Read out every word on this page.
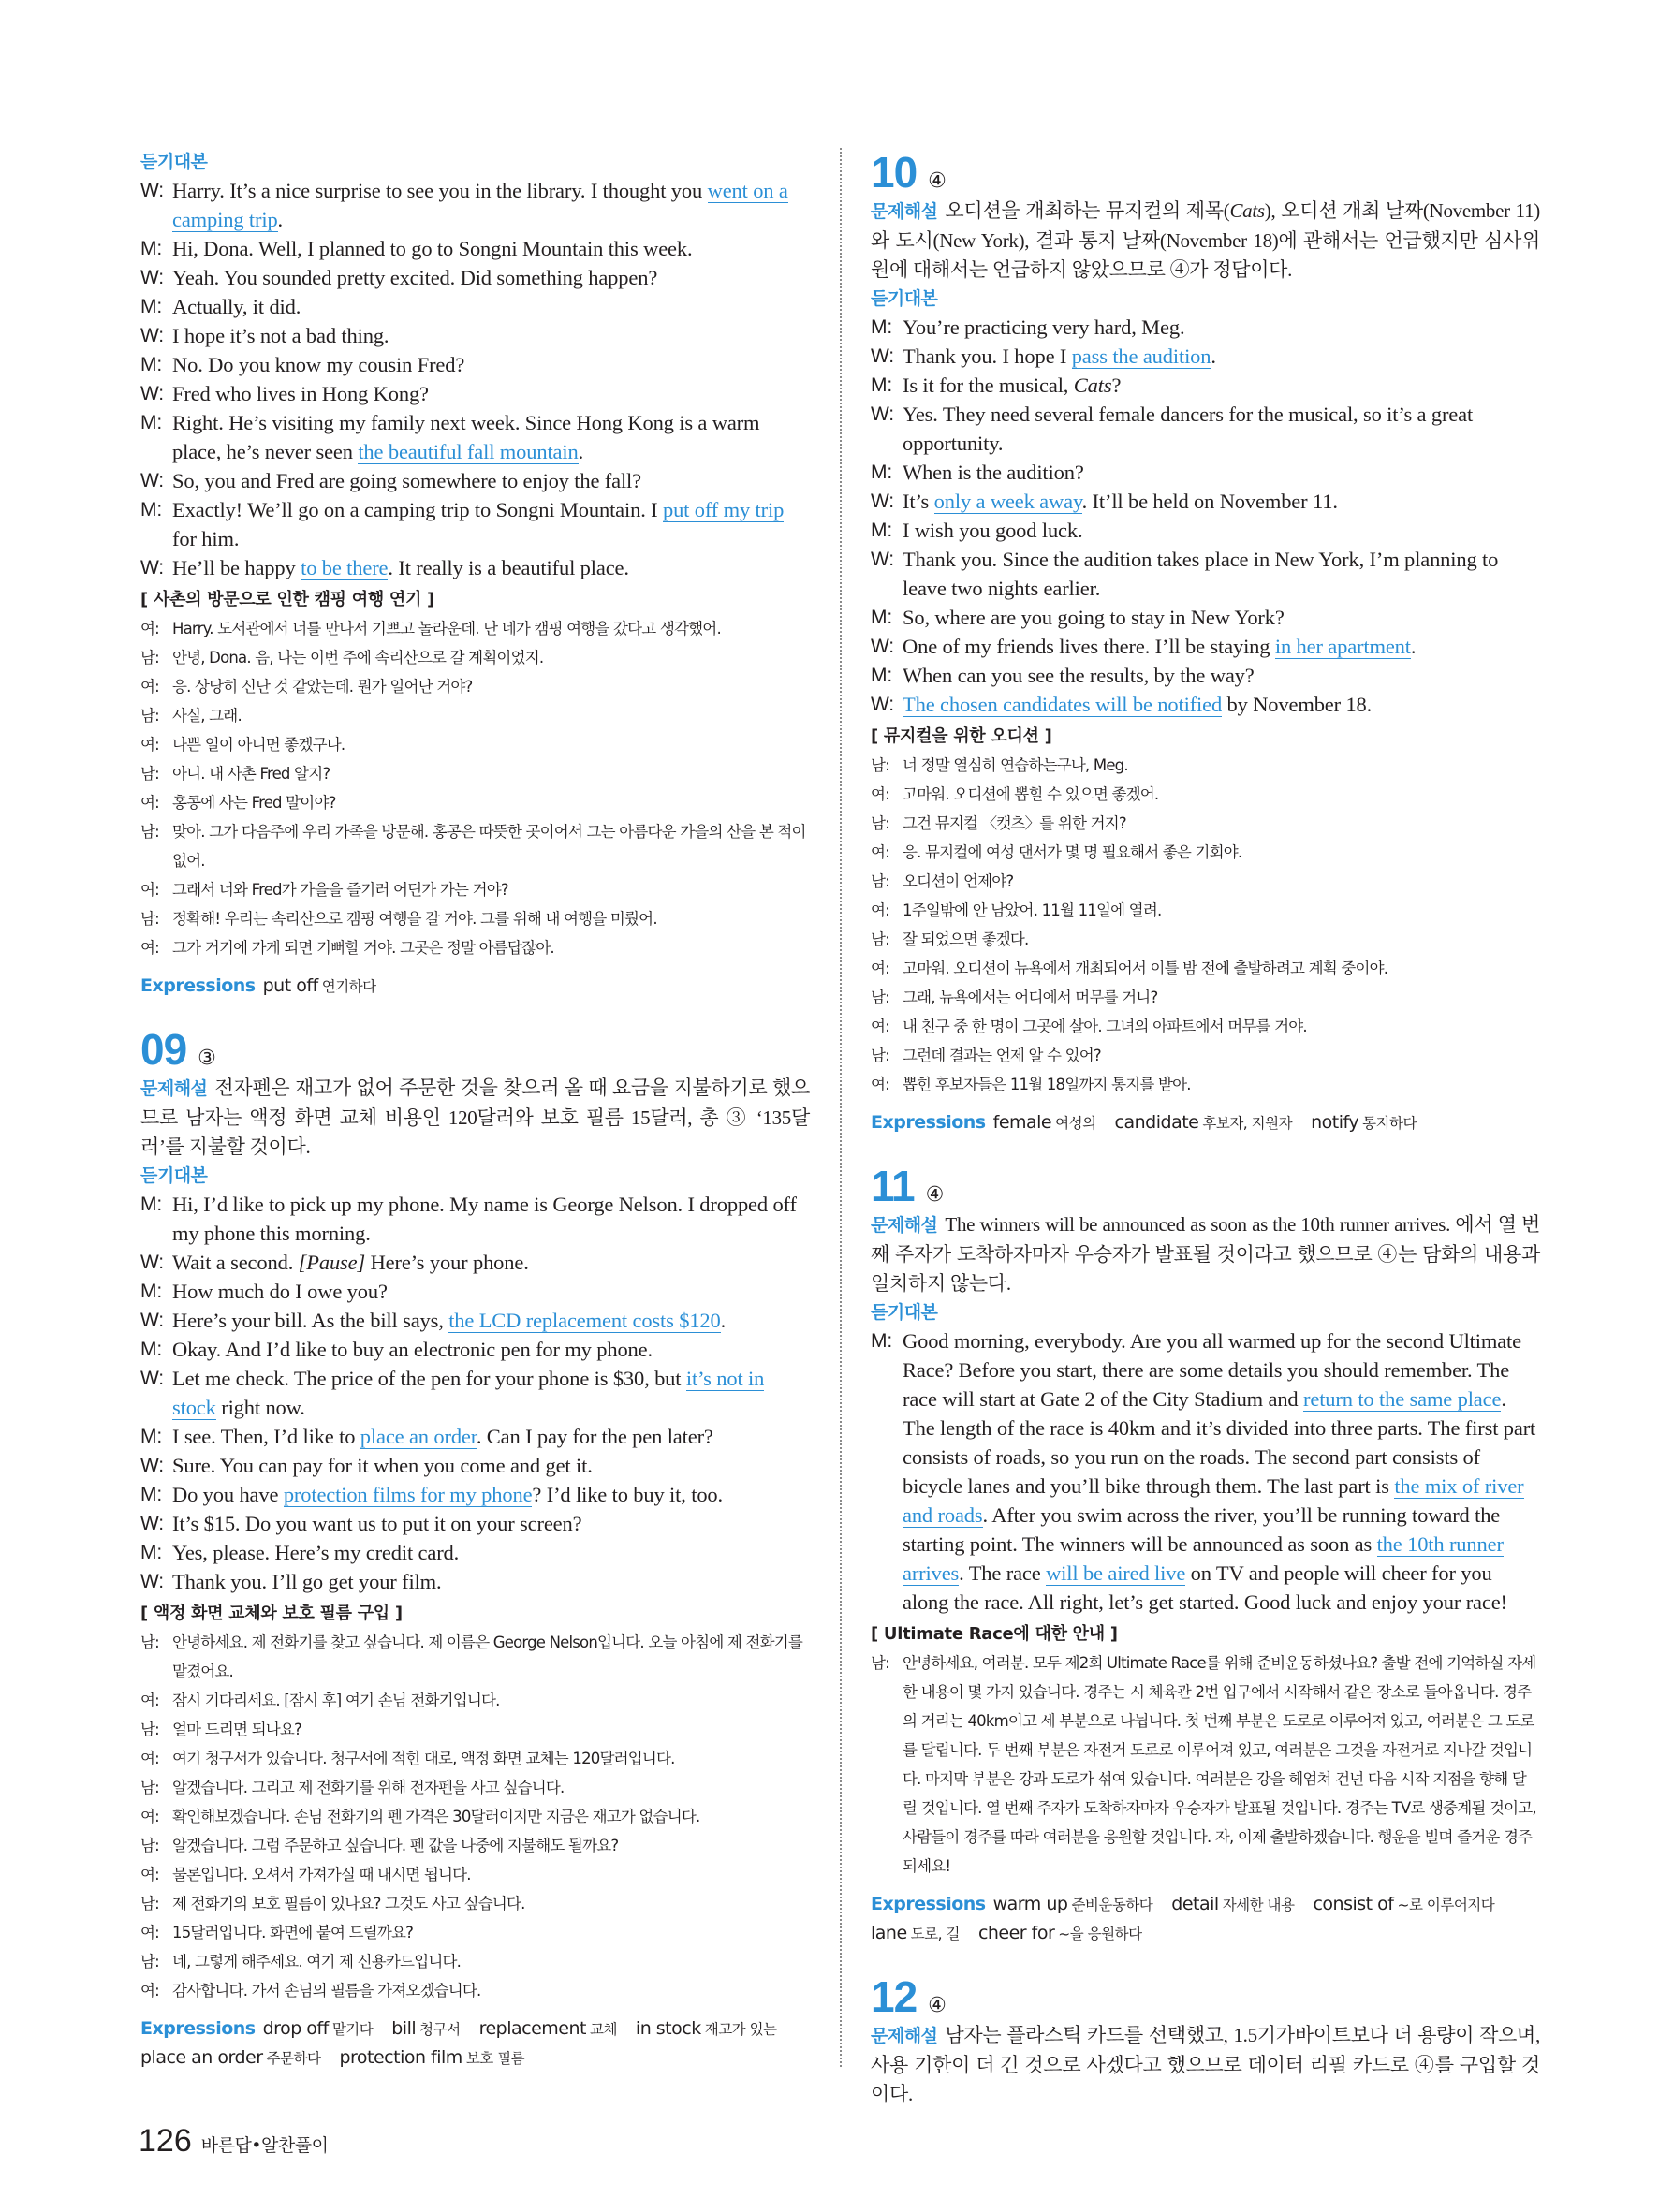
듣기대본
W: Harry. It’s a nice surprise to see you in the library. I thought you went on a camping trip.
M: Hi, Dona. Well, I planned to go to Songni Mountain this week.
W: Yeah. You sounded pretty excited. Did something happen?
M: Actually, it did.
W: I hope it’s not a bad thing.
M: No. Do you know my cousin Fred?
W: Fred who lives in Hong Kong?
M: Right. He’s visiting my family next week. Since Hong Kong is a warm place, he’s never seen the beautiful fall mountain.
W: So, you and Fred are going somewhere to enjoy the fall?
M: Exactly! We’ll go on a camping trip to Songni Mountain. I put off my trip for him.
W: He’ll be happy to be there. It really is a beautiful place.
[ 사촌의 방문으로 인한 캠핑 여행 연기 ]
여: Harry. 도서관에서 너를 만나서 기쁘고 놀라운데. 난 네가 캠핑 여행을 갔다고 생각했어.
남: 안녕, Dona. 음, 나는 이번 주에 속리산으로 갈 계획이었지.
여: 응. 상당히 신난 것 같았는데. 뭔가 일어난 거야?
남: 사실, 그래.
여: 나쁜 일이 아니면 좋겠구나.
남: 아니. 내 사촌 Fred 알지?
여: 홍콩에 사는 Fred 말이야?
남: 맞아. 그가 다음주에 우리 가족을 방문해. 홍콩은 따뜻한 곳이어서 그는 아름다운 가을의 산을 본 적이 없어.
여: 그래서 너와 Fred가 가을을 즐기러 어딘가 가는 거야?
남: 정확해! 우리는 속리산으로 캠핑 여행을 갈 거야. 그를 위해 내 여행을 미뤘어.
여: 그가 거기에 가게 되면 기뻐할 거야. 그곳은 정말 아름답잖아.
Expressions put off 연기하다
09 ③
문제해설 전자펜은 재고가 없어 주문한 것을 찾으러 올 때 요금을 지불하기로 했으므로 남자는 액정 화면 교체 비용인 120달러와 보호 필름 15달러, 총 ③ ‘135달러’를 지불할 것이다.
듣기대본
M: Hi, I’d like to pick up my phone. My name is George Nelson. I dropped off my phone this morning.
W: Wait a second. [Pause] Here’s your phone.
M: How much do I owe you?
W: Here’s your bill. As the bill says, the LCD replacement costs $120.
M: Okay. And I’d like to buy an electronic pen for my phone.
W: Let me check. The price of the pen for your phone is $30, but it’s not in stock right now.
M: I see. Then, I’d like to place an order. Can I pay for the pen later?
W: Sure. You can pay for it when you come and get it.
M: Do you have protection films for my phone? I’d like to buy it, too.
W: It’s $15. Do you want us to put it on your screen?
M: Yes, please. Here’s my credit card.
W: Thank you. I’ll go get your film.
[ 액정 화면 교체와 보호 필름 구입 ]
남: 안녕하세요. 제 전화기를 찾고 싶습니다. 제 이름은 George Nelson입니다. 오늘 아침에 제 전화기를 맡겼어요.
여: 잠시 기다리세요. [잠시 후] 여기 손님 전화기입니다.
남: 얼마 드리면 되나요?
여: 여기 청구서가 있습니다. 청구서에 적힌 대로, 액정 화면 교체는 120달러입니다.
남: 알겠습니다. 그리고 제 전화기를 위해 전자펜을 사고 싶습니다.
여: 확인해보겠습니다. 손님 전화기의 펜 가격은 30달러이지만 지금은 재고가 없습니다.
남: 알겠습니다. 그럼 주문하고 싶습니다. 펜 값을 나중에 지불해도 될까요?
여: 물론입니다. 오셔서 가져가실 때 내시면 됩니다.
남: 제 전화기의 보호 필름이 있나요? 그것도 사고 싶습니다.
여: 15달러입니다. 화면에 붙여 드릴까요?
남: 네, 그렇게 해주세요. 여기 제 신용카드입니다.
여: 감사합니다. 가서 손님의 필름을 가져오겠습니다.
Expressions drop off 맡기다 bill 청구서 replacement 교체 in stock 재고가 있는place an order 주문하다 protection film 보호 필름
10 ④
문제해설 오디션을 개최하는 뮤지컬의 제목(Cats), 오디션 개최 날짜(November 11)와 도시(New York), 결과 통지 날짜(November 18)에 관해서는 언급했지만 심사위원에 대해서는 언급하지 않았으므로 ④가 정답이다.
듣기대본
M: You’re practicing very hard, Meg.
W: Thank you. I hope I pass the audition.
M: Is it for the musical, Cats?
W: Yes. They need several female dancers for the musical, so it’s a great opportunity.
M: When is the audition?
W: It’s only a week away. It’ll be held on November 11.
M: I wish you good luck.
W: Thank you. Since the audition takes place in New York, I’m planning to leave two nights earlier.
M: So, where are you going to stay in New York?
W: One of my friends lives there. I’ll be staying in her apartment.
M: When can you see the results, by the way?
W: The chosen candidates will be notified by November 18.
[ 뮤지컬을 위한 오디션 ]
남: 너 정말 열심히 연습하는구나, Meg.
여: 고마워. 오디션에 뽑힐 수 있으면 좋겠어.
남: 그건 뮤지컬 〈캣츠〉를 위한 거지?
여: 응. 뮤지컬에 여성 댄서가 몇 명 필요해서 좋은 기회야.
남: 오디션이 언제야?
여: 1주일밖에 안 남았어. 11월 11일에 열려.
남: 잘 되었으면 좋겠다.
여: 고마워. 오디션이 뉴욕에서 개최되어서 이틀 밤 전에 출발하려고 계획 중이야.
남: 그래, 뉴욕에서는 어디에서 머무를 거니?
여: 내 친구 중 한 명이 그곳에 살아. 그녀의 아파트에서 머무를 거야.
남: 그런데 결과는 언제 알 수 있어?
여: 뽑힌 후보자들은 11월 18일까지 통지를 받아.
Expressions female 여성의 candidate 후보자, 지원자 notify 통지하다
11 ④
문제해설 The winners will be announced as soon as the 10th runner arrives. 에서 열 번째 주자가 도착하자마자 우승자가 발표될 것이라고 했으므로 ④는 담화의 내용과 일치하지 않는다.
듣기대본
M: Good morning, everybody. Are you all warmed up for the second Ultimate Race? Before you start, there are some details you should remember. The race will start at Gate 2 of the City Stadium and return to the same place. The length of the race is 40km and it’s divided into three parts. The first part consists of roads, so you run on the roads. The second part consists of bicycle lanes and you’ll bike through them. The last part is the mix of river and roads. After you swim across the river, you’ll be running toward the starting point. The winners will be announced as soon as the 10th runner arrives. The race will be aired live on TV and people will cheer for you along the race. All right, let’s get started. Good luck and enjoy your race!
[ Ultimate Race에 대한 안내 ]
남: 안녕하세요, 여러분. 모두 제2회 Ultimate Race를 위해 준비운동하셨나요? 출발 전에 기억하실 자세한 내용이 몇 가지 있습니다. 경주는 시 체육관 2번 입구에서 시작해서 같은 장소로 돌아옵니다. 경주의 거리는 40km이고 세 부분으로 나뉩니다. 첫 번째 부분은 도로로 이루어져 있고, 여러분은 그 도로를 달립니다. 두 번째 부분은 자전거 도로로 이루어져 있고, 여러분은 그것을 자전거로 지나갈 것입니다. 마지막 부분은 강과 도로가 섞여 있습니다. 여러분은 강을 헤엄쳐 건넌 다음 시작 지점을 향해 달릴 것입니다. 열 번째 주자가 도착하자마자 우승자가 발표될 것입니다. 경주는 TV로 생중계될 것이고, 사람들이 경주를 따라 여러분을 응원할 것입니다. 자, 이제 출발하겠습니다. 행운을 빌며 즐거운 경주 되세요!
Expressions warm up 준비운동하다 detail 자세한 내용 consist of ~로 이루어지다lane 도로, 길 cheer for ~을 응원하다
12 ④
문제해설 남자는 플라스틱 카드를 선택했고, 1.5기가바이트보다 더 용량이 작으며, 사용 기한이 더 긴 것으로 사겠다고 했으므로 데이터 리필 카드로 ④를 구입할 것이다.
126 바른답•알찬풀이
